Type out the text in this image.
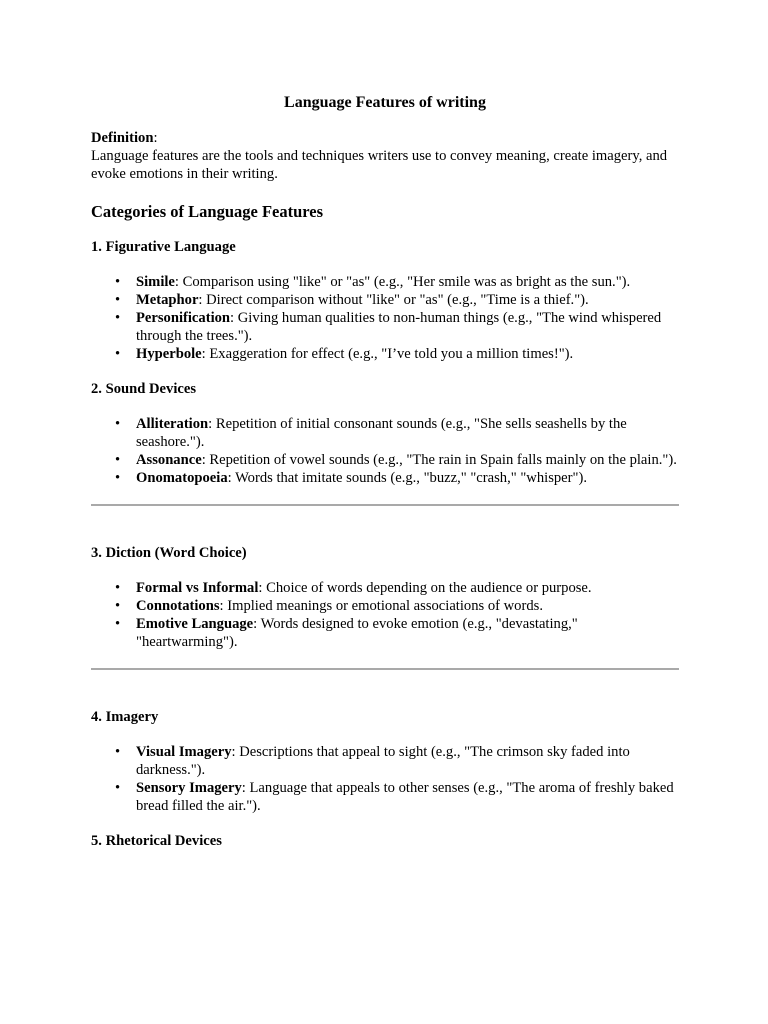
Language Features of writing
Definition:
Language features are the tools and techniques writers use to convey meaning, create imagery, and evoke emotions in their writing.
Categories of Language Features
1. Figurative Language
• Simile: Comparison using "like" or "as" (e.g., "Her smile was as bright as the sun.").
• Metaphor: Direct comparison without "like" or "as" (e.g., "Time is a thief.").
• Personification: Giving human qualities to non-human things (e.g., "The wind whispered through the trees.").
• Hyperbole: Exaggeration for effect (e.g., "I’ve told you a million times!").
2. Sound Devices
• Alliteration: Repetition of initial consonant sounds (e.g., "She sells seashells by the seashore.").
• Assonance: Repetition of vowel sounds (e.g., "The rain in Spain falls mainly on the plain.").
• Onomatopoeia: Words that imitate sounds (e.g., "buzz," "crash," "whisper").
3. Diction (Word Choice)
• Formal vs Informal: Choice of words depending on the audience or purpose.
• Connotations: Implied meanings or emotional associations of words.
• Emotive Language: Words designed to evoke emotion (e.g., "devastating," "heartwarming").
4. Imagery
• Visual Imagery: Descriptions that appeal to sight (e.g., "The crimson sky faded into darkness.").
• Sensory Imagery: Language that appeals to other senses (e.g., "The aroma of freshly baked bread filled the air.").
5. Rhetorical Devices
